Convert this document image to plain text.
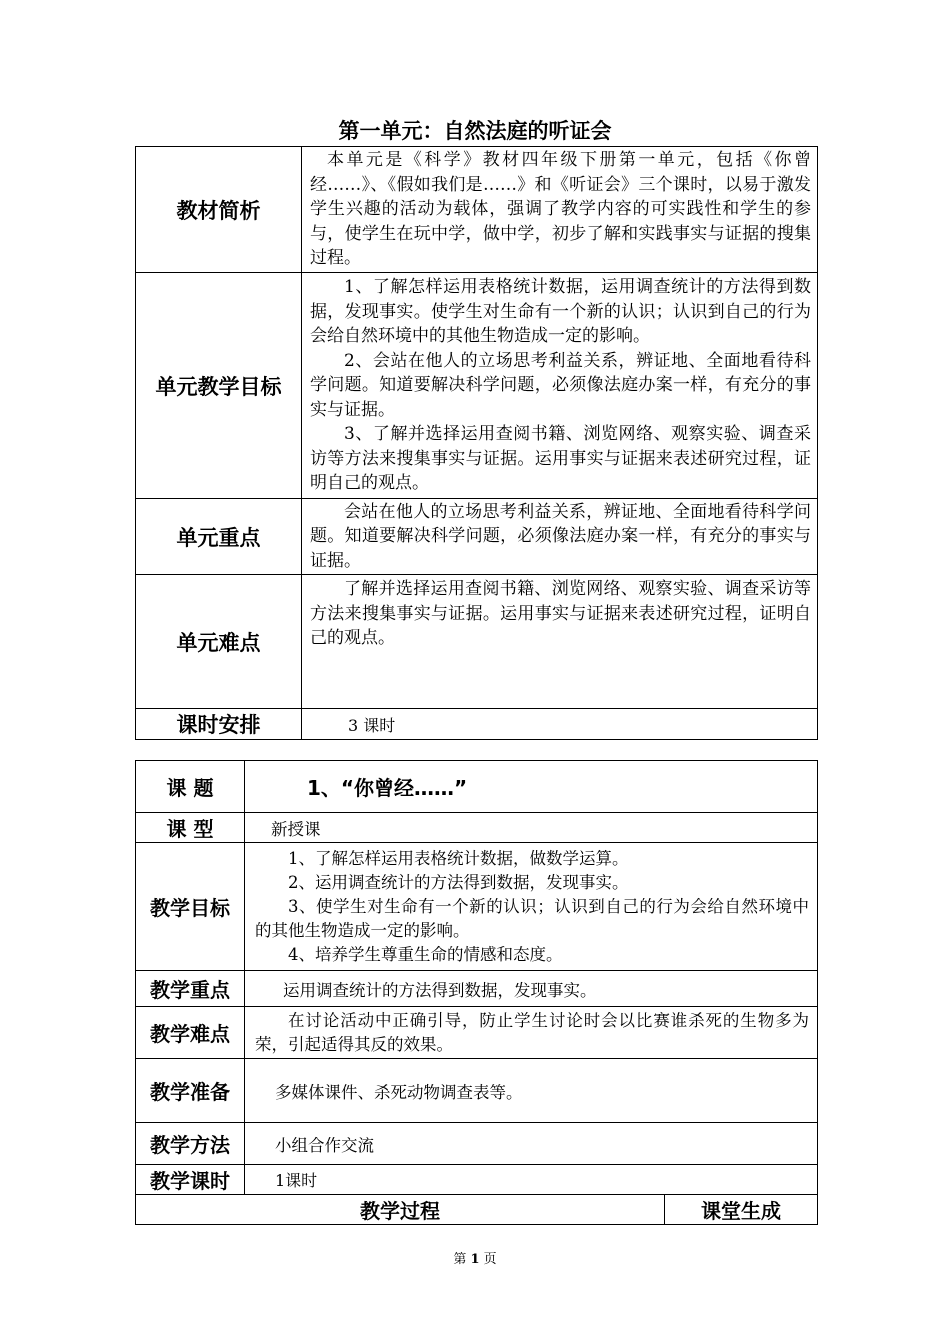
第一单元：自然法庭的听证会
教材简析	本单元是《科学》教材四年级下册第一单元，包括《你曾经……》、《假如我们是……》和《听证会》三个课时，以易于激发学生兴趣的活动为载体，强调了教学内容的可实践性和学生的参与，使学生在玩中学，做中学，初步了解和实践事实与证据的搜集过程。
单元教学目标	1、了解怎样运用表格统计数据，运用调查统计的方法得到数据，发现事实。使学生对生命有一个新的认识；认识到自己的行为会给自然环境中的其他生物造成一定的影响。
2、会站在他人的立场思考利益关系，辨证地、全面地看待科学问题。知道要解决科学问题，必须像法庭办案一样，有充分的事实与证据。
3、了解并选择运用查阅书籍、浏览网络、观察实验、调查采访等方法来搜集事实与证据。运用事实与证据来表述研究过程，证明自己的观点。

单元重点	会站在他人的立场思考利益关系，辨证地、全面地看待科学问题。知道要解决科学问题，必须像法庭办案一样，有充分的事实与证据。
单元难点	了解并选择运用查阅书籍、浏览网络、观察实验、调查采访等方法来搜集事实与证据。运用事实与证据来表述研究过程，证明自己的观点。
课时安排	3 课时
课 题	1、“你曾经……”	
课 型	新授课	
教学目标	1、了解怎样运用表格统计数据，做数学运算。
2、运用调查统计的方法得到数据，发现事实。
3、使学生对生命有一个新的认识；认识到自己的行为会给自然环境中的其他生物造成一定的影响。
4、培养学生尊重生命的情感和态度。	

教学重点	运用调查统计的方法得到数据，发现事实。	
教学难点	在讨论活动中正确引导，防止学生讨论时会以比赛谁杀死的生物多为荣，引起适得其反的效果。	
教学准备	多媒体课件、杀死动物调查表等。	
教学方法	小组合作交流	
教学课时	1课时	
教学过程		课堂生成
第 1 页
